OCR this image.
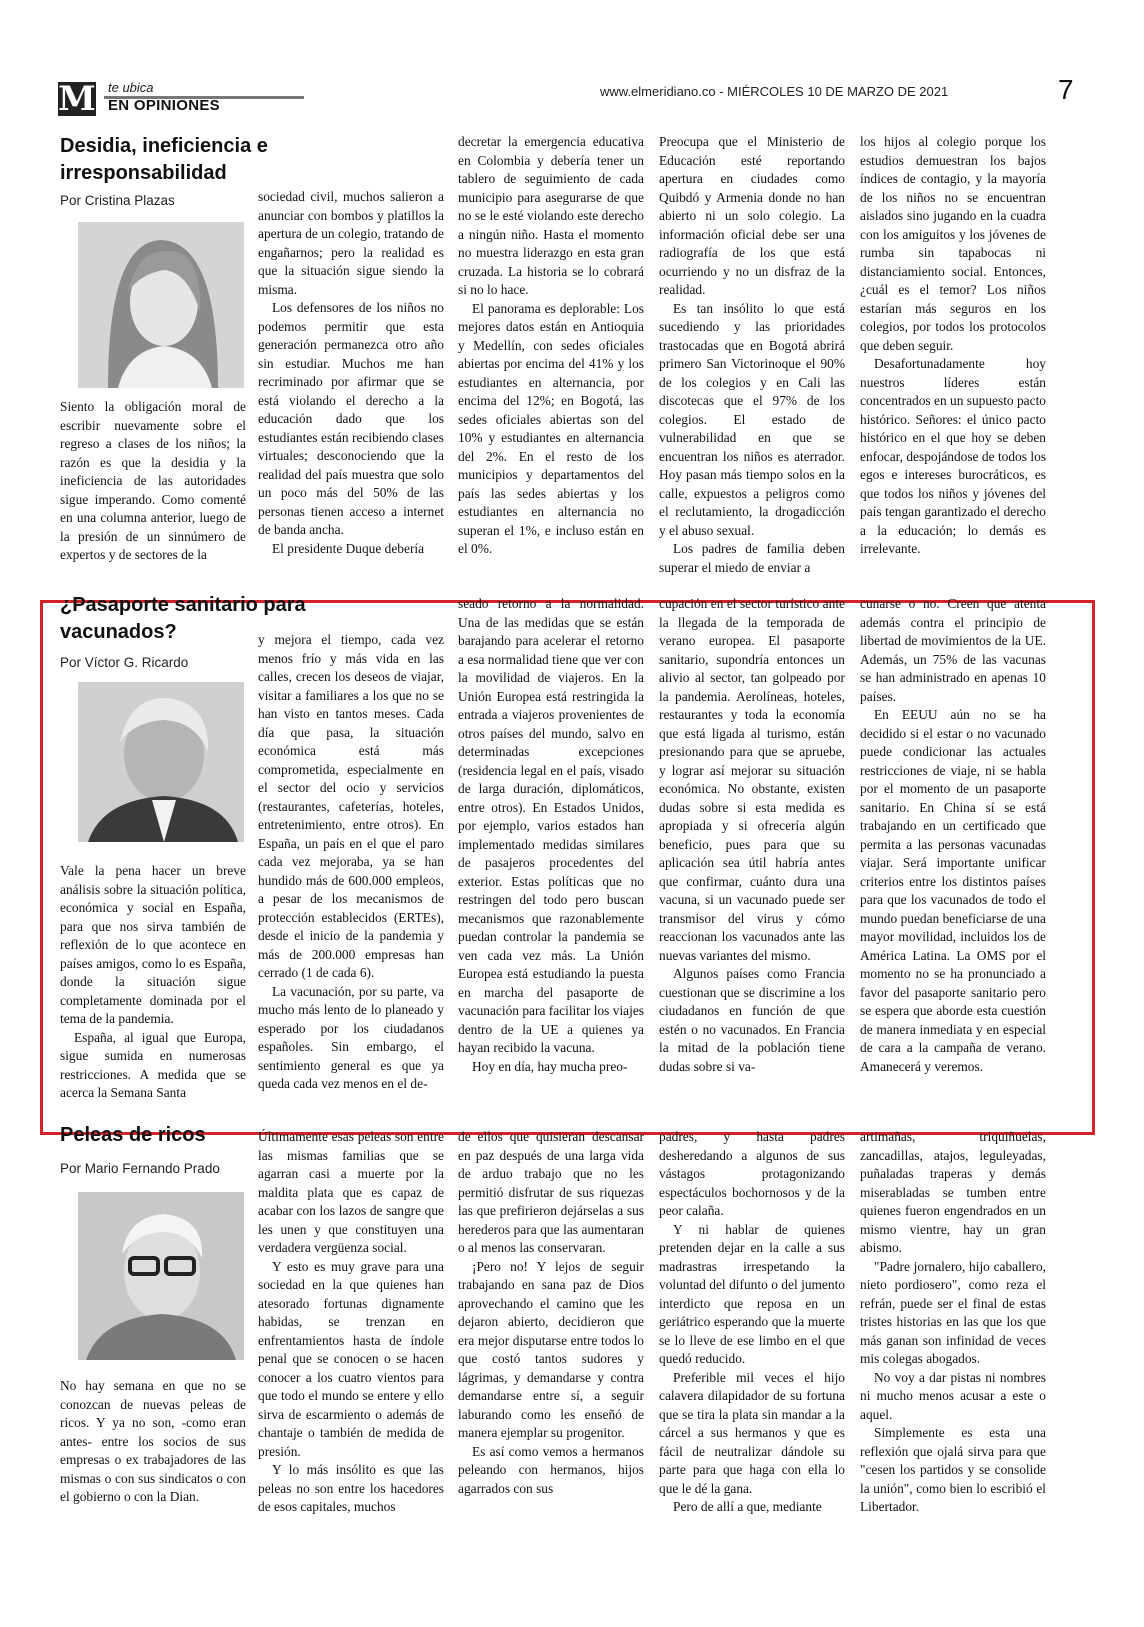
M te ubica
EN OPINIONES
www.elmeridiano.co - MIÉRCOLES 10 DE MARZO DE 2021	7
Desidia, ineficiencia e irresponsabilidad
Por Cristina Plazas

Siento la obligación moral de escribir nuevamente sobre el regreso a clases de los niños; la razón es que la desidia y la ineficiencia de las autoridades sigue imperando. Como comenté en una columna anterior, luego de la presión de un sinnúmero de expertos y de sectores de la

sociedad civil, muchos salieron a anunciar con bombos y platillos la apertura de un colegio, tratando de engañarnos; pero la realidad es que la situación sigue siendo la misma.

Los defensores de los niños no podemos permitir que esta generación permanezca otro año sin estudiar. Muchos me han recriminado por afirmar que se está violando el derecho a la educación dado que los estudiantes están recibiendo clases virtuales; desconociendo que la realidad del país muestra que solo un poco más del 50% de las personas tienen acceso a internet de banda ancha.

El presidente Duque debería

decretar la emergencia educativa en Colombia y debería tener un tablero de seguimiento de cada municipio para asegurarse de que no se le esté violando este derecho a ningún niño. Hasta el momento no muestra liderazgo en esta gran cruzada. La historia se lo cobrará si no lo hace.

El panorama es deplorable: Los mejores datos están en Antioquia y Medellín, con sedes oficiales abiertas por encima del 41% y los estudiantes en alternancia, por encima del 12%; en Bogotá, las sedes oficiales abiertas son del 10% y estudiantes en alternancia del 2%. En el resto de los municipios y departamentos del país las sedes abiertas y los estudiantes en alternancia no superan el 1%, e incluso están en el 0%.

Preocupa que el Ministerio de Educación esté reportando apertura en ciudades como Quibdó y Armenia donde no han abierto ni un solo colegio. La información oficial debe ser una radiografía de los que está ocurriendo y no un disfraz de la realidad.

Es tan insólito lo que está sucediendo y las prioridades trastocadas que en Bogotá abrirá primero San Victorinoque el 90% de los colegios y en Cali las discotecas que el 97% de los colegios. El estado de vulnerabilidad en que se encuentran los niños es aterrador. Hoy pasan más tiempo solos en la calle, expuestos a peligros como el reclutamiento, la drogadicción y el abuso sexual.

Los padres de familia deben superar el miedo de enviar a

los hijos al colegio porque los estudios demuestran los bajos índices de contagio, y la mayoría de los niños no se encuentran aislados sino jugando en la cuadra con los amiguitos y los jóvenes de rumba sin tapabocas ni distanciamiento social. Entonces, ¿cuál es el temor? Los niños estarían más seguros en los colegios, por todos los protocolos que deben seguir.

Desafortunadamente hoy nuestros líderes están concentrados en un supuesto pacto histórico. Señores: el único pacto histórico en el que hoy se deben enfocar, despojándose de todos los egos e intereses burocráticos, es que todos los niños y jóvenes del país tengan garantizado el derecho a la educación; lo demás es irrelevante.

¿Pasaporte sanitario para vacunados?
Por Víctor G. Ricardo

Vale la pena hacer un breve análisis sobre la situación política, económica y social en España, para que nos sirva también de reflexión de lo que acontece en países amigos, como lo es España, donde la situación sigue completamente dominada por el tema de la pandemia.

España, al igual que Europa, sigue sumida en numerosas restricciones. A medida que se acerca la Semana Santa

y mejora el tiempo, cada vez menos frío y más vida en las calles, crecen los deseos de viajar, visitar a familiares a los que no se han visto en tantos meses. Cada día que pasa, la situación económica está más comprometida, especialmente en el sector del ocio y servicios (restaurantes, cafeterías, hoteles, entretenimiento, entre otros). En España, un país en el que el paro cada vez mejoraba, ya se han hundido más de 600.000 empleos, a pesar de los mecanismos de protección establecidos (ERTEs), desde el inicio de la pandemia y más de 200.000 empresas han cerrado (1 de cada 6).

La vacunación, por su parte, va mucho más lento de lo planeado y esperado por los ciudadanos españoles. Sin embargo, el sentimiento general es que ya queda cada vez menos en el de-

seado retorno a la normalidad. Una de las medidas que se están barajando para acelerar el retorno a esa normalidad tiene que ver con la movilidad de viajeros. En la Unión Europea está restringida la entrada a viajeros provenientes de otros países del mundo, salvo en determinadas excepciones (residencia legal en el país, visado de larga duración, diplomáticos, entre otros). En Estados Unidos, por ejemplo, varios estados han implementado medidas similares de pasajeros procedentes del exterior. Estas políticas que no restringen del todo pero buscan mecanismos que razonablemente puedan controlar la pandemia se ven cada vez más. La Unión Europea está estudiando la puesta en marcha del pasaporte de vacunación para facilitar los viajes dentro de la UE a quienes ya hayan recibido la vacuna.

Hoy en día, hay mucha preo-

cupación en el sector turístico ante la llegada de la temporada de verano europea. El pasaporte sanitario, supondría entonces un alivio al sector, tan golpeado por la pandemia. Aerolíneas, hoteles, restaurantes y toda la economía que está ligada al turismo, están presionando para que se apruebe, y lograr así mejorar su situación económica. No obstante, existen dudas sobre si esta medida es apropiada y si ofrecería algún beneficio, pues para que su aplicación sea útil habría antes que confirmar, cuánto dura una vacuna, si un vacunado puede ser transmisor del virus y cómo reaccionan los vacunados ante las nuevas variantes del mismo.

Algunos países como Francia cuestionan que se discrimine a los ciudadanos en función de que estén o no vacunados. En Francia la mitad de la población tiene dudas sobre si va-

cunarse o no. Creen que atenta además contra el principio de libertad de movimientos de la UE. Además, un 75% de las vacunas se han administrado en apenas 10 países.

En EEUU aún no se ha decidido si el estar o no vacunado puede condicionar las actuales restricciones de viaje, ni se habla por el momento de un pasaporte sanitario. En China sí se está trabajando en un certificado que permita a las personas vacunadas viajar. Será importante unificar criterios entre los distintos países para que los vacunados de todo el mundo puedan beneficiarse de una mayor movilidad, incluidos los de América Latina. La OMS por el momento no se ha pronunciado a favor del pasaporte sanitario pero se espera que aborde esta cuestión de manera inmediata y en especial de cara a la campaña de verano. Amanecerá y veremos.

Peleas de ricos
Por Mario Fernando Prado

No hay semana en que no se conozcan de nuevas peleas de ricos. Y ya no son, -como eran antes- entre los socios de sus empresas o ex trabajadores de las mismas o con sus sindicatos o con el gobierno o con la Dian.

Últimamente esas peleas son entre las mismas familias que se agarran casi a muerte por la maldita plata que es capaz de acabar con los lazos de sangre que les unen y que constituyen una verdadera vergüenza social.

Y esto es muy grave para una sociedad en la que quienes han atesorado fortunas dignamente habidas, se trenzan en enfrentamientos hasta de índole penal que se conocen o se hacen conocer a los cuatro vientos para que todo el mundo se entere y ello sirva de escarmiento o además de chantaje o también de medida de presión.

Y lo más insólito es que las peleas no son entre los hacedores de esos capitales, muchos

de ellos que quisieran descansar en paz después de una larga vida de arduo trabajo que no les permitió disfrutar de sus riquezas las que prefirieron dejárselas a sus herederos para que las aumentaran o al menos las conservaran.

¡Pero no! Y lejos de seguir trabajando en sana paz de Dios aprovechando el camino que les dejaron abierto, decidieron que era mejor disputarse entre todos lo que costó tantos sudores y lágrimas, y demandarse y contra demandarse entre sí, a seguir laburando como les enseñó de manera ejemplar su progenitor.

Es así como vemos a hermanos peleando con hermanos, hijos agarrados con sus

padres, y hasta padres desheredando a algunos de sus vástagos protagonizando espectáculos bochornosos y de la peor calaña.

Y ni hablar de quienes pretenden dejar en la calle a sus madrastras irrespetando la voluntad del difunto o del jumento interdicto que reposa en un geriátrico esperando que la muerte se lo lleve de ese limbo en el que quedó reducido.

Preferible mil veces el hijo calavera dilapidador de su fortuna que se tira la plata sin mandar a la cárcel a sus hermanos y que es fácil de neutralizar dándole su parte para que haga con ella lo que le dé la gana.

Pero de allí a que, mediante

artimañas, triquiñuelas, zancadillas, atajos, leguleyadas, puñaladas traperas y demás miserabladas se tumben entre quienes fueron engendrados en un mismo vientre, hay un gran abismo.

"Padre jornalero, hijo caballero, nieto pordiosero", como reza el refrán, puede ser el final de estas tristes historias en las que los que más ganan son infinidad de veces mis colegas abogados.

No voy a dar pistas ni nombres ni mucho menos acusar a este o aquel.

Simplemente es esta una reflexión que ojalá sirva para que "cesen los partidos y se consolide la unión", como bien lo escribió el Libertador.
